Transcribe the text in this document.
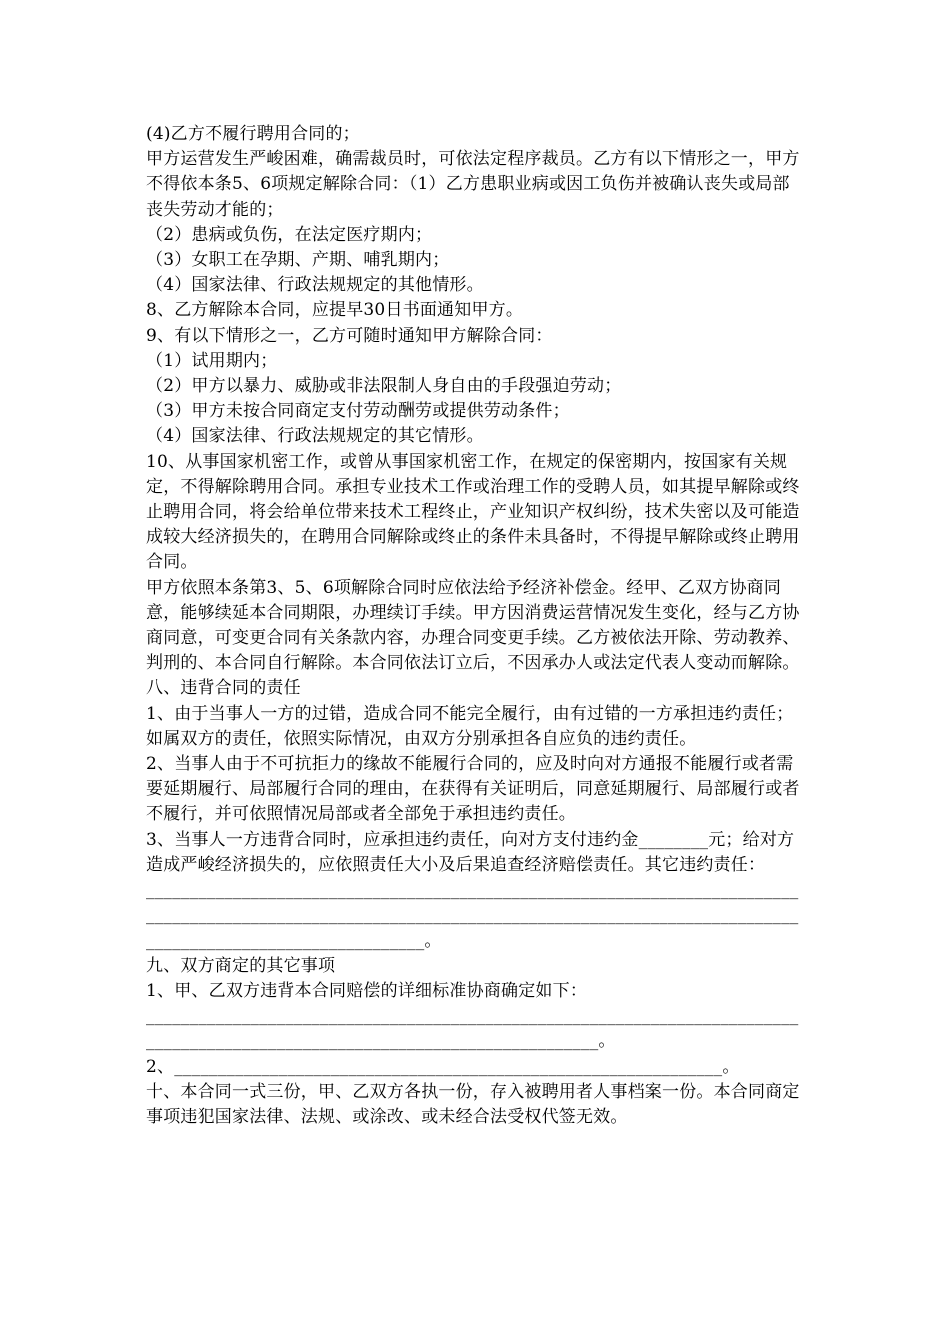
(4)乙方不履行聘用合同的；

甲方运营发生严峻困难，确需裁员时，可依法定程序裁员。乙方有以下情形之一，甲方不得依本条5、6项规定解除合同：（1）乙方患职业病或因工负伤并被确认丧失或局部丧失劳动才能的；

（2）患病或负伤，在法定医疗期内；

（3）女职工在孕期、产期、哺乳期内；

（4）国家法律、行政法规规定的其他情形。

8、乙方解除本合同，应提早30日书面通知甲方。

9、有以下情形之一，乙方可随时通知甲方解除合同：

（1）试用期内；

（2）甲方以暴力、威胁或非法限制人身自由的手段强迫劳动；

（3）甲方未按合同商定支付劳动酬劳或提供劳动条件；

（4）国家法律、行政法规规定的其它情形。

10、从事国家机密工作，或曾从事国家机密工作，在规定的保密期内，按国家有关规定，不得解除聘用合同。承担专业技术工作或治理工作的受聘人员，如其提早解除或终止聘用合同，将会给单位带来技术工程终止，产业知识产权纠纷，技术失密以及可能造成较大经济损失的，在聘用合同解除或终止的条件未具备时，不得提早解除或终止聘用合同。

甲方依照本条第3、5、6项解除合同时应依法给予经济补偿金。经甲、乙双方协商同意，能够续延本合同期限，办理续订手续。甲方因消费运营情况发生变化，经与乙方协商同意，可变更合同有关条款内容，办理合同变更手续。乙方被依法开除、劳动教养、判刑的、本合同自行解除。本合同依法订立后，不因承办人或法定代表人变动而解除。八、违背合同的责任

1、由于当事人一方的过错，造成合同不能完全履行，由有过错的一方承担违约责任；如属双方的责任，依照实际情况，由双方分别承担各自应负的违约责任。

2、当事人由于不可抗拒力的缘故不能履行合同的，应及时向对方通报不能履行或者需要延期履行、局部履行合同的理由，在获得有关证明后，同意延期履行、局部履行或者不履行，并可依照情况局部或者全部免于承担违约责任。

3、当事人一方违背合同时，应承担违约责任，向对方支付违约金________元；给对方造成严峻经济损失的，应依照责任大小及后果追查经济赔偿责任。其它违约责任：

______________________________________________________________________________________________________________________________________________________________________________________。

九、双方商定的其它事项

1、甲、乙双方违背本合同赔偿的详细标准协商确定如下：

_______________________________________________________________________________________________________________________________。

2、_______________________________________________________________。

十、本合同一式三份，甲、乙双方各执一份，存入被聘用者人事档案一份。本合同商定事项违犯国家法律、法规、或涂改、或未经合法受权代签无效。
